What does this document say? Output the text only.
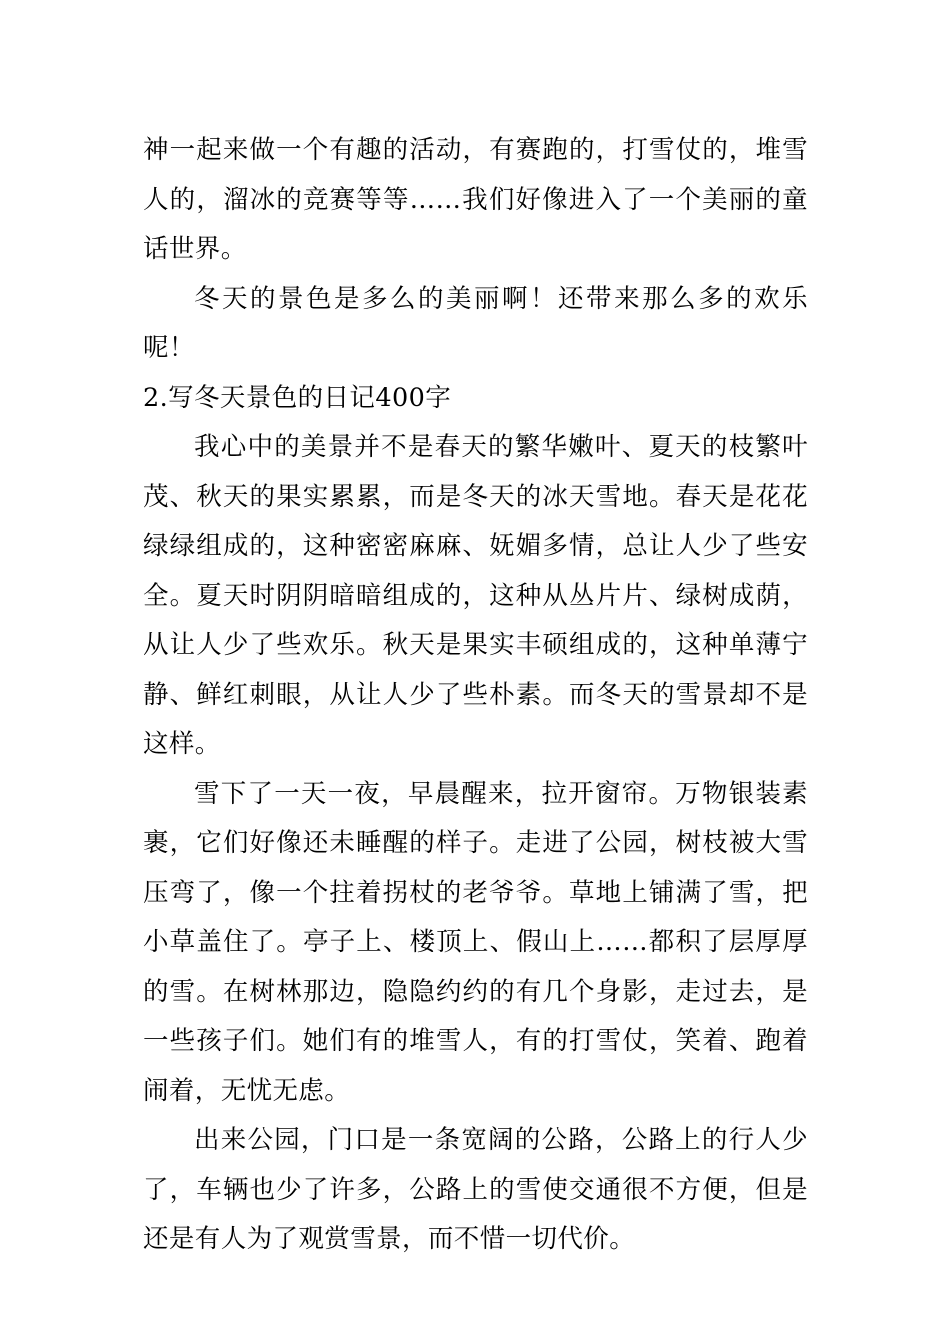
神一起来做一个有趣的活动，有赛跑的，打雪仗的，堆雪人的，溜冰的竞赛等等……我们好像进入了一个美丽的童话世界。

冬天的景色是多么的美丽啊！还带来那么多的欢乐呢！

2.写冬天景色的日记400字

我心中的美景并不是春天的繁华嫩叶、夏天的枝繁叶茂、秋天的果实累累，而是冬天的冰天雪地。春天是花花绿绿组成的，这种密密麻麻、妩媚多情，总让人少了些安全。夏天时阴阴暗暗组成的，这种从丛片片、绿树成荫，从让人少了些欢乐。秋天是果实丰硕组成的，这种单薄宁静、鲜红刺眼，从让人少了些朴素。而冬天的雪景却不是这样。

雪下了一天一夜，早晨醒来，拉开窗帘。万物银装素裹，它们好像还未睡醒的样子。走进了公园，树枝被大雪压弯了，像一个拄着拐杖的老爷爷。草地上铺满了雪，把小草盖住了。亭子上、楼顶上、假山上……都积了层厚厚的雪。在树林那边，隐隐约约的有几个身影，走过去，是一些孩子们。她们有的堆雪人，有的打雪仗，笑着、跑着闹着，无忧无虑。

出来公园，门口是一条宽阔的公路，公路上的行人少了，车辆也少了许多，公路上的雪使交通很不方便，但是还是有人为了观赏雪景，而不惜一切代价。
